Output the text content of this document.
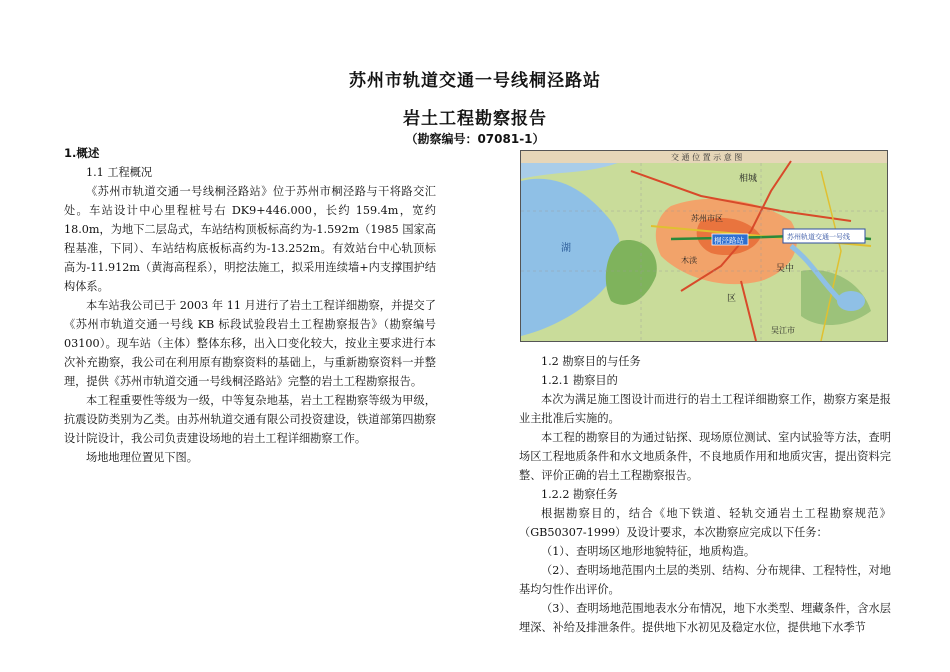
苏州市轨道交通一号线桐泾路站
岩土工程勘察报告
（勘察编号：07081-1）
1.概述
1.1 工程概况

《苏州市轨道交通一号线桐泾路站》位于苏州市桐泾路与干将路交汇处。车站设计中心里程桩号右 DK9+446.000，长约 159.4m，宽约 18.0m，为地下二层岛式，车站结构顶板标高约为-1.592m（1985 国家高程基准，下同）、车站结构底板标高约为-13.252m。有效站台中心轨顶标高为-11.912m（黄海高程系），明挖法施工，拟采用连续墙+内支撑围护结构体系。

本车站我公司已于 2003 年 11 月进行了岩土工程详细勘察，并提交了《苏州市轨道交通一号线 KB 标段试验段岩土工程勘察报告》（勘察编号03100）。现车站（主体）整体东移，出入口变化较大，按业主要求进行本次补充勘察，我公司在利用原有勘察资料的基础上，与重新勘察资料一并整理，提供《苏州市轨道交通一号线桐泾路站》完整的岩土工程勘察报告。

本工程重要性等级为一级，中等复杂地基，岩土工程勘察等级为甲级，抗震设防类别为乙类。由苏州轨道交通有限公司投资建设，铁道部第四勘察设计院设计，我公司负责建设场地的岩土工程详细勘察工作。

场地地理位置见下图。

交 通 位 置 示 意 图
桐泾路站	苏州轨道交通一号线
相城
苏州市区
吴中
吴江市
木渎
湖
区
1.2 勘察目的与任务
1.2.1 勘察目的

本次为满足施工图设计而进行的岩土工程详细勘察工作，勘察方案是报业主批准后实施的。

本工程的勘察目的为通过钻探、现场原位测试、室内试验等方法，查明场区工程地质条件和水文地质条件，不良地质作用和地质灾害，提出资料完整、评价正确的岩土工程勘察报告。

1.2.2 勘察任务

根据勘察目的，结合《地下铁道、轻轨交通岩土工程勘察规范》（GB50307-1999）及设计要求，本次勘察应完成以下任务：

（1）、查明场区地形地貌特征，地质构造。

（2）、查明场地范围内土层的类别、结构、分布规律、工程特性，对地基均匀性作出评价。

（3）、查明场地范围地表水分布情况，地下水类型、埋藏条件，含水层埋深、补给及排泄条件。提供地下水初见及稳定水位，提供地下水季节
